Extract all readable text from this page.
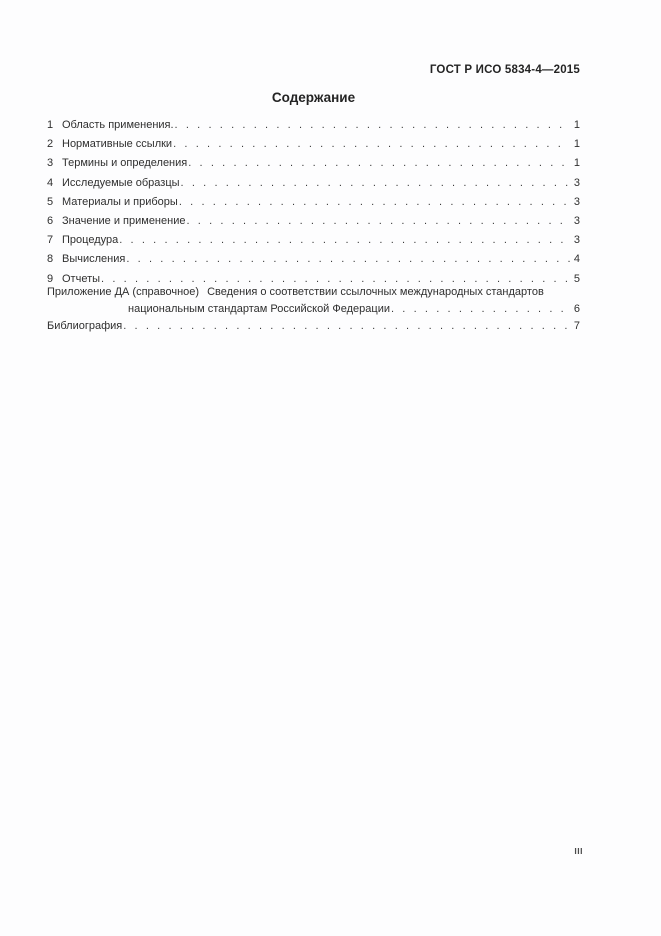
ГОСТ Р ИСО 5834-4—2015
Содержание
1 Область применения. . . .	1
2 Нормативные ссылки . . .	1
3 Термины и определения . . .	1
4 Исследуемые образцы . . .	3
5 Материалы и приборы . . .	3
6 Значение и применение . . .	3
7 Процедура . . .	3
8 Вычисления . . .	4
9 Отчеты . . .	5
Приложение ДА (справочное) Сведения о соответствии ссылочных международных стандартов
национальным стандартам Российской Федерации . . .	6
Библиография . . .	7
III
